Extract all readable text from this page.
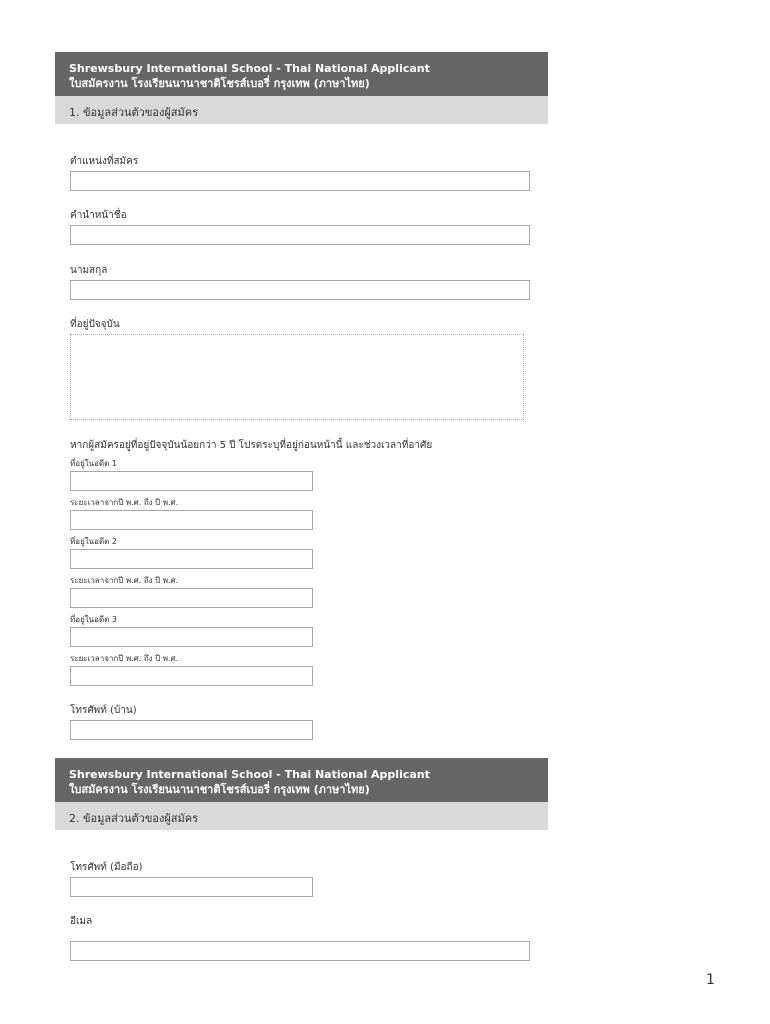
Shrewsbury International School - Thai National Applicant
ใบสมัครงาน โรงเรียนนานาชาติโชรส์เบอรี่ กรุงเทพ (ภาษาไทย)
1. ข้อมูลส่วนตัวของผู้สมัคร
ตำแหน่งที่สมัคร
คำนำหน้าชื่อ
นามสกุล
ที่อยู่ปัจจุบัน
หากผู้สมัครอยู่ที่อยู่ปัจจุบันน้อยกว่า 5 ปี โปรดระบุที่อยู่ก่อนหน้านี้ และช่วงเวลาที่อาศัย
ที่อยู่ในอดีต 1
ระยะเวลาจากปี พ.ศ. ถึง ปี พ.ศ.
ที่อยู่ในอดีต 2
ระยะเวลาจากปี พ.ศ. ถึง ปี พ.ศ.
ที่อยู่ในอดีต 3
ระยะเวลาจากปี พ.ศ. ถึง ปี พ.ศ.
โทรศัพท์ (บ้าน)
Shrewsbury International School - Thai National Applicant
ใบสมัครงาน โรงเรียนนานาชาติโชรส์เบอรี่ กรุงเทพ (ภาษาไทย)
2. ข้อมูลส่วนตัวของผู้สมัคร
โทรศัพท์ (มือถือ)
อีเมล
1
